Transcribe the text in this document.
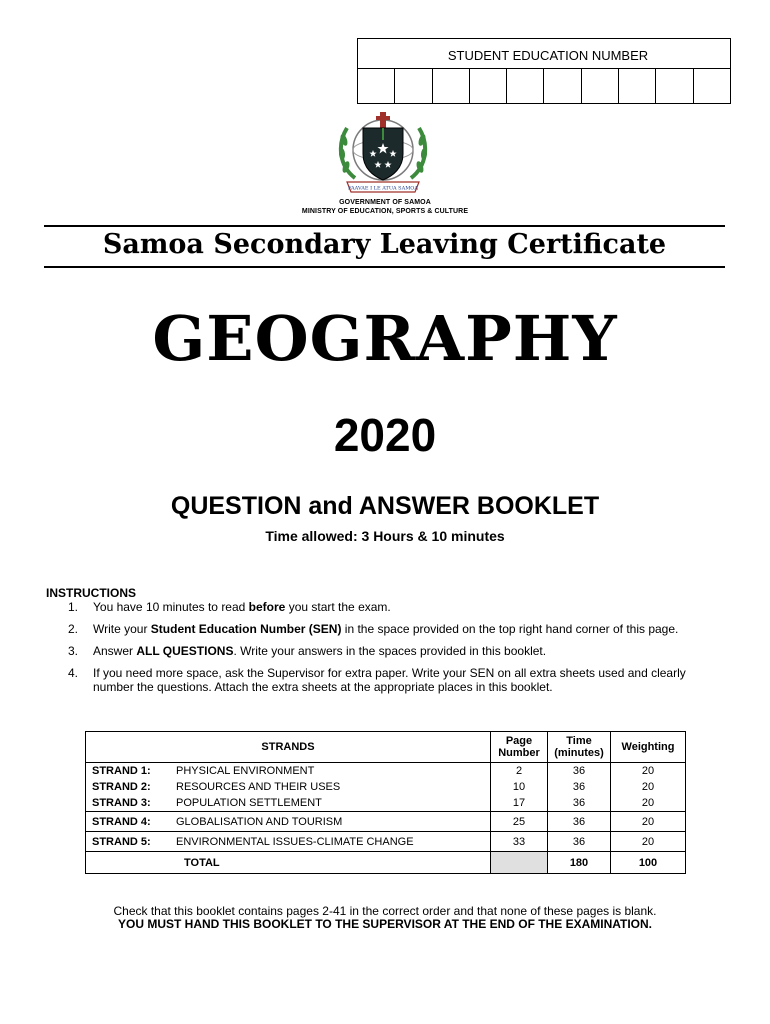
STUDENT EDUCATION NUMBER
FAAVAE I LE ATUA SAMOA
GOVERNMENT OF SAMOA
MINISTRY OF EDUCATION, SPORTS & CULTURE
Samoa Secondary Leaving Certificate
GEOGRAPHY
2020
QUESTION and ANSWER BOOKLET
Time allowed: 3 Hours & 10 minutes
INSTRUCTIONS
1. You have 10 minutes to read before you start the exam.
2. Write your Student Education Number (SEN) in the space provided on the top right hand corner of this page.
3. Answer ALL QUESTIONS. Write your answers in the spaces provided in this booklet.
4. If you need more space, ask the Supervisor for extra paper. Write your SEN on all extra sheets used and clearly number the questions. Attach the extra sheets at the appropriate places in this booklet.
STRANDS		Page Number	Time (minutes)	Weighting
STRAND 1:	PHYSICAL ENVIRONMENT	2	36	20
STRAND 2:	RESOURCES AND THEIR USES	10	36	20
STRAND 3:	POPULATION SETTLEMENT	17	36	20
STRAND 4:	GLOBALISATION AND TOURISM	25	36	20
STRAND 5:	ENVIRONMENTAL ISSUES-CLIMATE CHANGE	33	36	20
	TOTAL		180	100
Check that this booklet contains pages 2-41 in the correct order and that none of these pages is blank.
YOU MUST HAND THIS BOOKLET TO THE SUPERVISOR AT THE END OF THE EXAMINATION.
